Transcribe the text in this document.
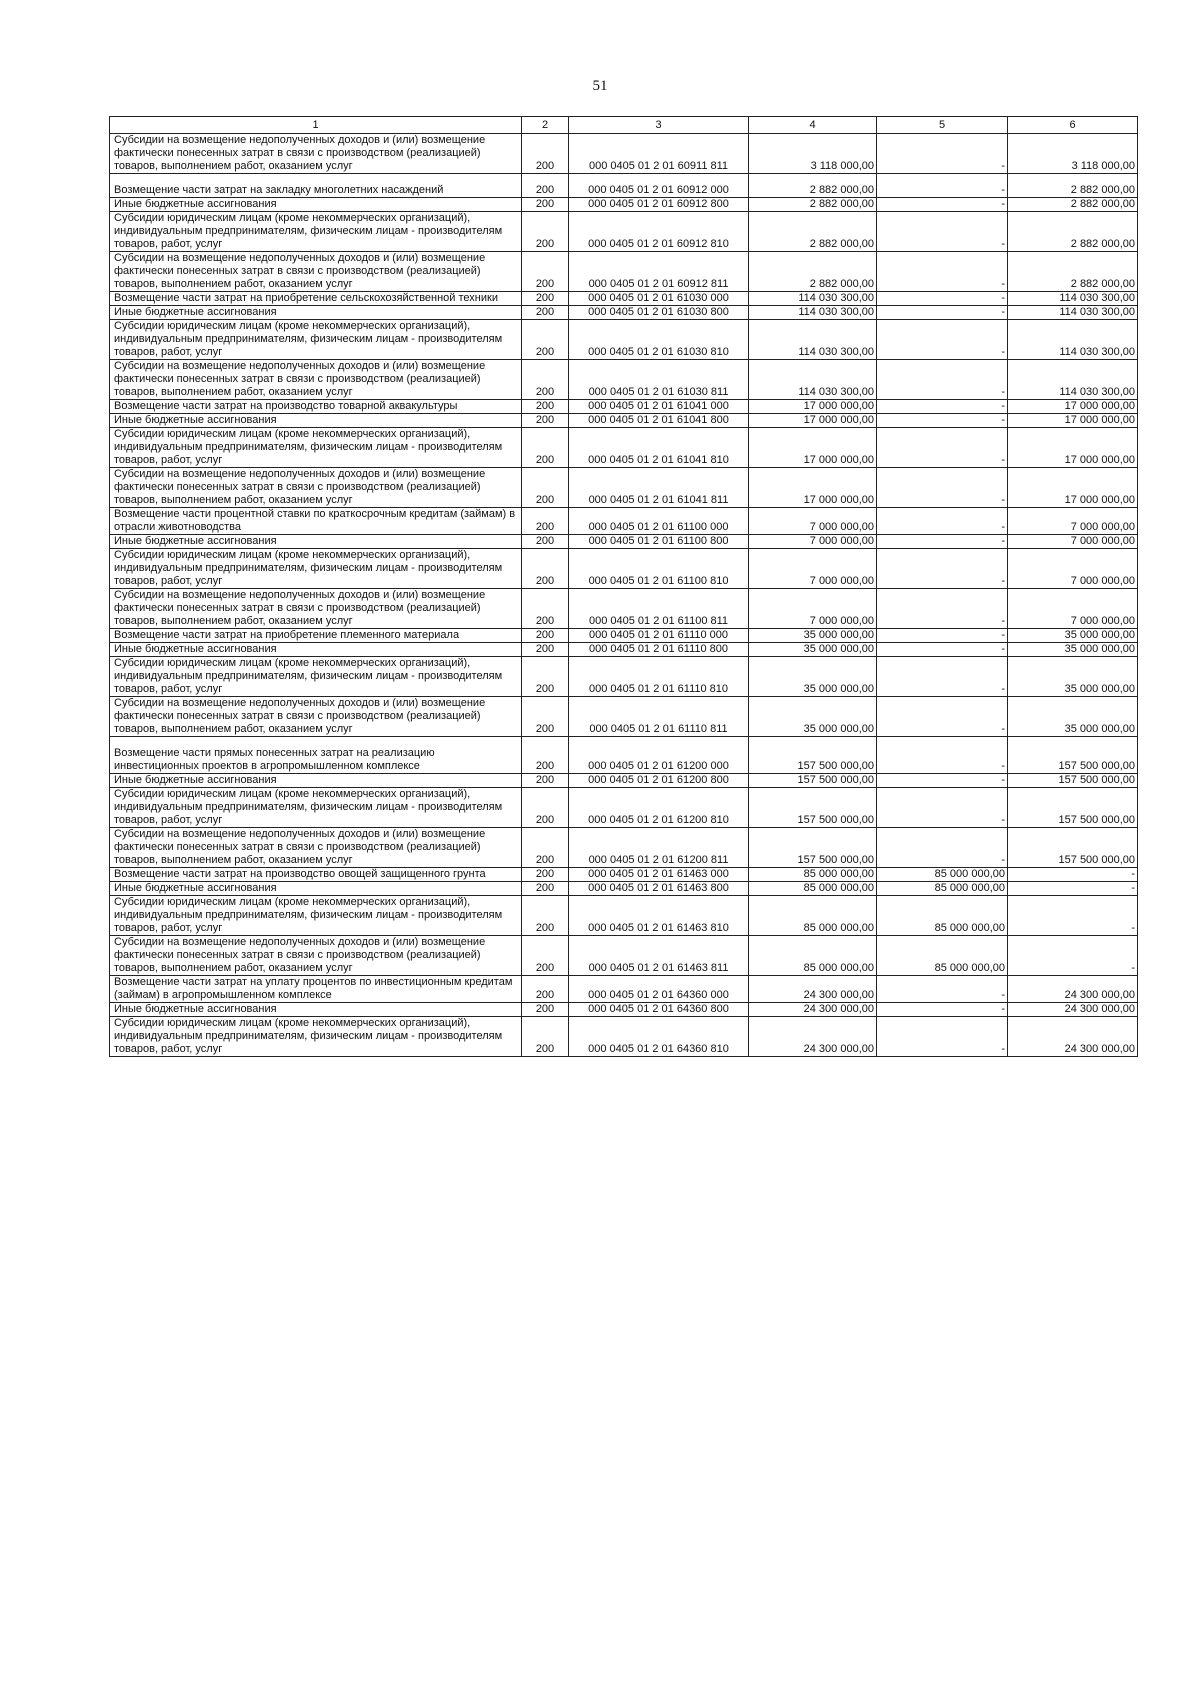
51
1	2	3	4	5	6
Субсидии на возмещение недополученных доходов и (или) возмещение фактически понесенных затрат в связи с производством (реализацией) товаров, выполнением работ, оказанием услуг	200	000 0405 01 2 01 60911 811	3 118 000,00	-	3 118 000,00
Возмещение части затрат на закладку многолетних насаждений	200	000 0405 01 2 01 60912 000	2 882 000,00	-	2 882 000,00
Иные бюджетные ассигнования	200	000 0405 01 2 01 60912 800	2 882 000,00	-	2 882 000,00
Субсидии юридическим лицам (кроме некоммерческих организаций), индивидуальным предпринимателям, физическим лицам - производителям товаров, работ, услуг	200	000 0405 01 2 01 60912 810	2 882 000,00	-	2 882 000,00
Субсидии на возмещение недополученных доходов и (или) возмещение фактически понесенных затрат в связи с производством (реализацией) товаров, выполнением работ, оказанием услуг	200	000 0405 01 2 01 60912 811	2 882 000,00	-	2 882 000,00
Возмещение части затрат на приобретение сельскохозяйственной техники	200	000 0405 01 2 01 61030 000	114 030 300,00	-	114 030 300,00
Иные бюджетные ассигнования	200	000 0405 01 2 01 61030 800	114 030 300,00	-	114 030 300,00
Субсидии юридическим лицам (кроме некоммерческих организаций), индивидуальным предпринимателям, физическим лицам - производителям товаров, работ, услуг	200	000 0405 01 2 01 61030 810	114 030 300,00	-	114 030 300,00
Субсидии на возмещение недополученных доходов и (или) возмещение фактически понесенных затрат в связи с производством (реализацией) товаров, выполнением работ, оказанием услуг	200	000 0405 01 2 01 61030 811	114 030 300,00	-	114 030 300,00
Возмещение части затрат на производство товарной аквакультуры	200	000 0405 01 2 01 61041 000	17 000 000,00	-	17 000 000,00
Иные бюджетные ассигнования	200	000 0405 01 2 01 61041 800	17 000 000,00	-	17 000 000,00
Субсидии юридическим лицам (кроме некоммерческих организаций), индивидуальным предпринимателям, физическим лицам - производителям товаров, работ, услуг	200	000 0405 01 2 01 61041 810	17 000 000,00	-	17 000 000,00
Субсидии на возмещение недополученных доходов и (или) возмещение фактически понесенных затрат в связи с производством (реализацией) товаров, выполнением работ, оказанием услуг	200	000 0405 01 2 01 61041 811	17 000 000,00	-	17 000 000,00
Возмещение части процентной ставки по краткосрочным кредитам (займам) в отрасли животноводства	200	000 0405 01 2 01 61100 000	7 000 000,00	-	7 000 000,00
Иные бюджетные ассигнования	200	000 0405 01 2 01 61100 800	7 000 000,00	-	7 000 000,00
Субсидии юридическим лицам (кроме некоммерческих организаций), индивидуальным предпринимателям, физическим лицам - производителям товаров, работ, услуг	200	000 0405 01 2 01 61100 810	7 000 000,00	-	7 000 000,00
Субсидии на возмещение недополученных доходов и (или) возмещение фактически понесенных затрат в связи с производством (реализацией) товаров, выполнением работ, оказанием услуг	200	000 0405 01 2 01 61100 811	7 000 000,00	-	7 000 000,00
Возмещение части затрат на приобретение племенного материала	200	000 0405 01 2 01 61110 000	35 000 000,00	-	35 000 000,00
Иные бюджетные ассигнования	200	000 0405 01 2 01 61110 800	35 000 000,00	-	35 000 000,00
Субсидии юридическим лицам (кроме некоммерческих организаций), индивидуальным предпринимателям, физическим лицам - производителям товаров, работ, услуг	200	000 0405 01 2 01 61110 810	35 000 000,00	-	35 000 000,00
Субсидии на возмещение недополученных доходов и (или) возмещение фактически понесенных затрат в связи с производством (реализацией) товаров, выполнением работ, оказанием услуг	200	000 0405 01 2 01 61110 811	35 000 000,00	-	35 000 000,00
Возмещение части прямых понесенных затрат на реализацию инвестиционных проектов в агропромышленном комплексе	200	000 0405 01 2 01 61200 000	157 500 000,00	-	157 500 000,00
Иные бюджетные ассигнования	200	000 0405 01 2 01 61200 800	157 500 000,00	-	157 500 000,00
Субсидии юридическим лицам (кроме некоммерческих организаций), индивидуальным предпринимателям, физическим лицам - производителям товаров, работ, услуг	200	000 0405 01 2 01 61200 810	157 500 000,00	-	157 500 000,00
Субсидии на возмещение недополученных доходов и (или) возмещение фактически понесенных затрат в связи с производством (реализацией) товаров, выполнением работ, оказанием услуг	200	000 0405 01 2 01 61200 811	157 500 000,00	-	157 500 000,00
Возмещение части затрат на производство овощей защищенного грунта	200	000 0405 01 2 01 61463 000	85 000 000,00	85 000 000,00	-
Иные бюджетные ассигнования	200	000 0405 01 2 01 61463 800	85 000 000,00	85 000 000,00	-
Субсидии юридическим лицам (кроме некоммерческих организаций), индивидуальным предпринимателям, физическим лицам - производителям товаров, работ, услуг	200	000 0405 01 2 01 61463 810	85 000 000,00	85 000 000,00	-
Субсидии на возмещение недополученных доходов и (или) возмещение фактически понесенных затрат в связи с производством (реализацией) товаров, выполнением работ, оказанием услуг	200	000 0405 01 2 01 61463 811	85 000 000,00	85 000 000,00	-
Возмещение части затрат на уплату процентов по инвестиционным кредитам (займам) в агропромышленном комплексе	200	000 0405 01 2 01 64360 000	24 300 000,00	-	24 300 000,00
Иные бюджетные ассигнования	200	000 0405 01 2 01 64360 800	24 300 000,00	-	24 300 000,00
Субсидии юридическим лицам (кроме некоммерческих организаций), индивидуальным предпринимателям, физическим лицам - производителям товаров, работ, услуг	200	000 0405 01 2 01 64360 810	24 300 000,00	-	24 300 000,00
